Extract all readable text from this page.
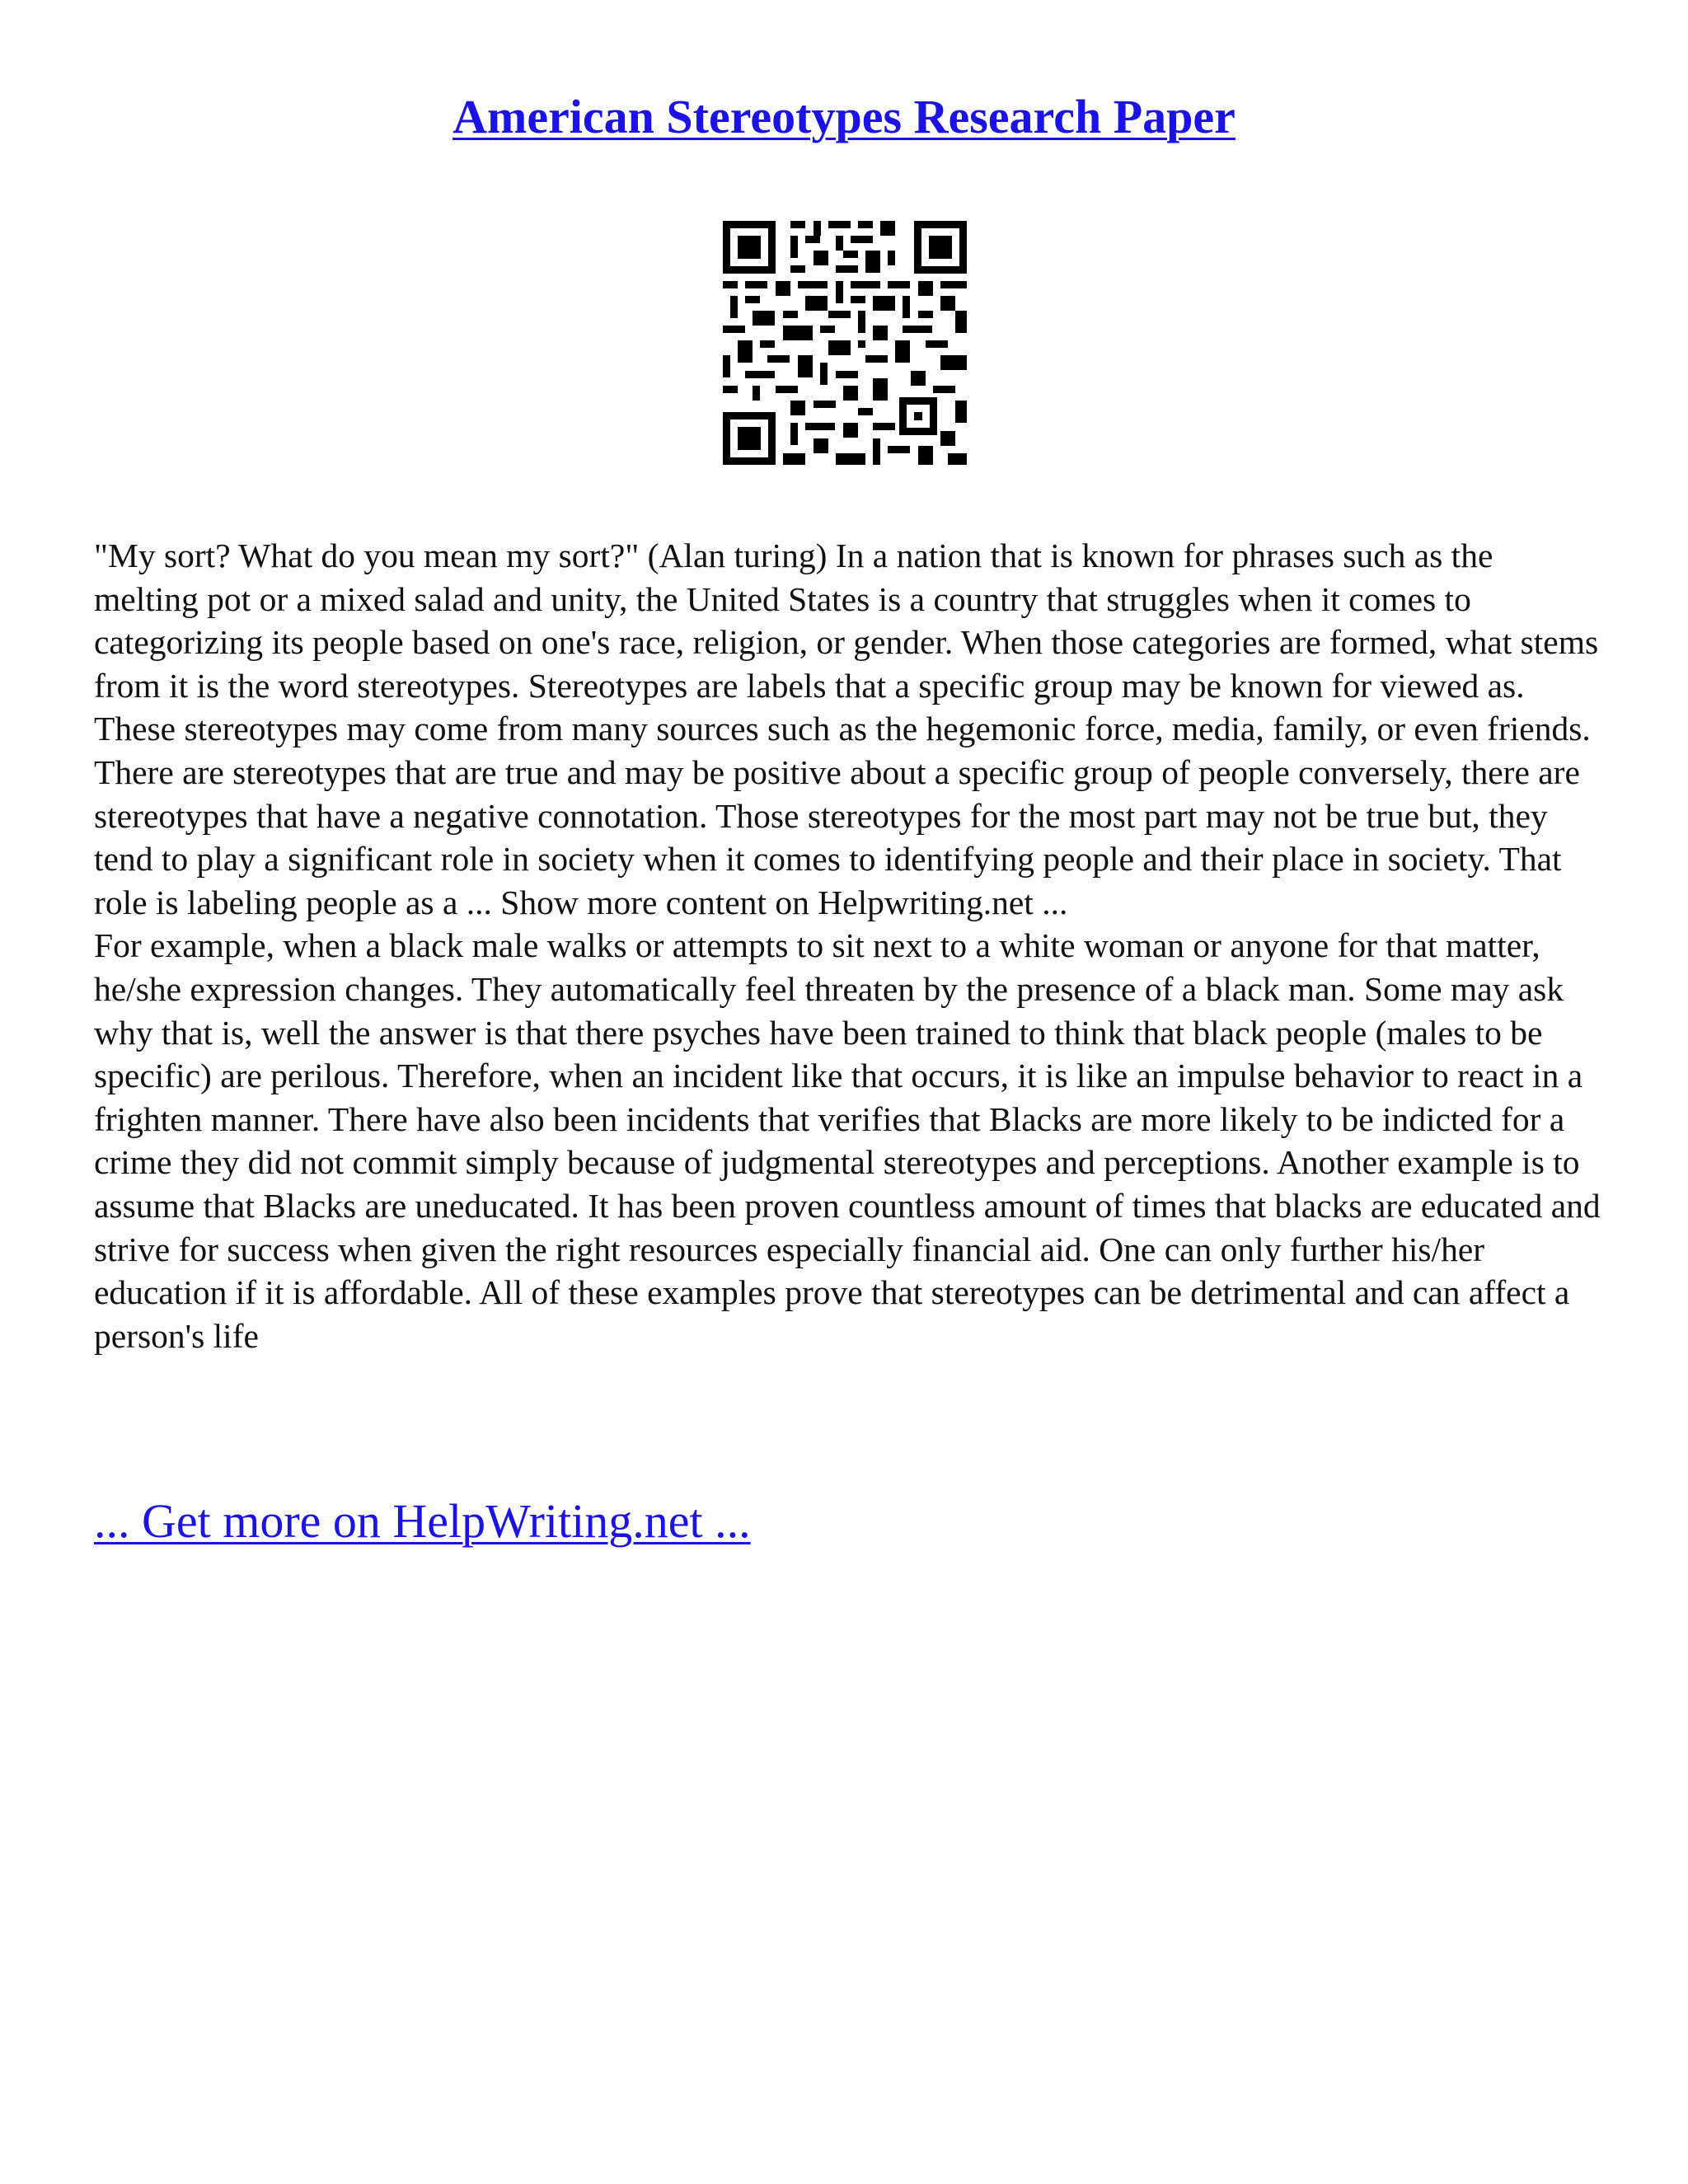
American Stereotypes Research Paper

"My sort? What do you mean my sort?" (Alan turing) In a nation that is known for phrases such as the melting pot or a mixed salad and unity, the United States is a country that struggles when it comes to categorizing its people based on one's race, religion, or gender. When those categories are formed, what stems from it is the word stereotypes. Stereotypes are labels that a specific group may be known for viewed as. These stereotypes may come from many sources such as the hegemonic force, media, family, or even friends. There are stereotypes that are true and may be positive about a specific group of people conversely, there are stereotypes that have a negative connotation. Those stereotypes for the most part may not be true but, they tend to play a significant role in society when it comes to identifying people and their place in society. That role is labeling people as a ... Show more content on Helpwriting.net ...

For example, when a black male walks or attempts to sit next to a white woman or anyone for that matter, he/she expression changes. They automatically feel threaten by the presence of a black man. Some may ask why that is, well the answer is that there psyches have been trained to think that black people (males to be specific) are perilous. Therefore, when an incident like that occurs, it is like an impulse behavior to react in a frighten manner. There have also been incidents that verifies that Blacks are more likely to be indicted for a crime they did not commit simply because of judgmental stereotypes and perceptions. Another example is to assume that Blacks are uneducated. It has been proven countless amount of times that blacks are educated and strive for success when given the right resources especially financial aid. One can only further his/her education if it is affordable. All of these examples prove that stereotypes can be detrimental and can affect a person's life

... Get more on HelpWriting.net ...
